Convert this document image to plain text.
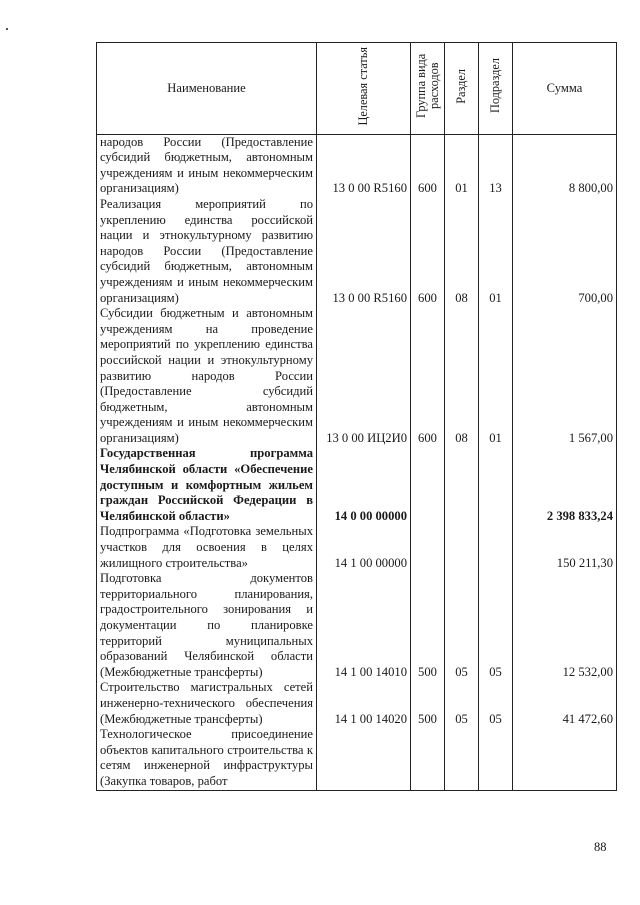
Наименование	Целевая статья	Группа вида расходов	Раздел	Подраздел	Сумма
народов России (Предоставление субсидий бюджетным, автономным учреждениям и иным некоммерческим организациям)	13 0 00 R5160	600	01	13	8 800,00
Реализация мероприятий по укреплению единства российской нации и этнокультурному развитию народов России (Предоставление субсидий бюджетным, автономным учреждениям и иным некоммерческим организациям)	13 0 00 R5160	600	08	01	700,00
Субсидии бюджетным и автономным учреждениям на проведение мероприятий по укреплению единства российской нации и этнокультурному развитию народов России (Предоставление субсидий бюджетным, автономным учреждениям и иным некоммерческим организациям)	13 0 00 ИЦ2И0	600	08	01	1 567,00
Государственная программа Челябинской области «Обеспечение доступным и комфортным жильем граждан Российской Федерации в Челябинской области»	14 0 00 00000				2 398 833,24
Подпрограмма «Подготовка земельных участков для освоения в целях жилищного строительства»	14 1 00 00000				150 211,30
Подготовка документов территориального планирования, градостроительного зонирования и документации по планировке территорий муниципальных образований Челябинской области (Межбюджетные трансферты)	14 1 00 14010	500	05	05	12 532,00
Строительство магистральных сетей инженерно-технического обеспечения (Межбюджетные трансферты)	14 1 00 14020	500	05	05	41 472,60
Технологическое присоединение объектов капитального строительства к сетям инженерной инфраструктуры (Закупка товаров, работ					
88
